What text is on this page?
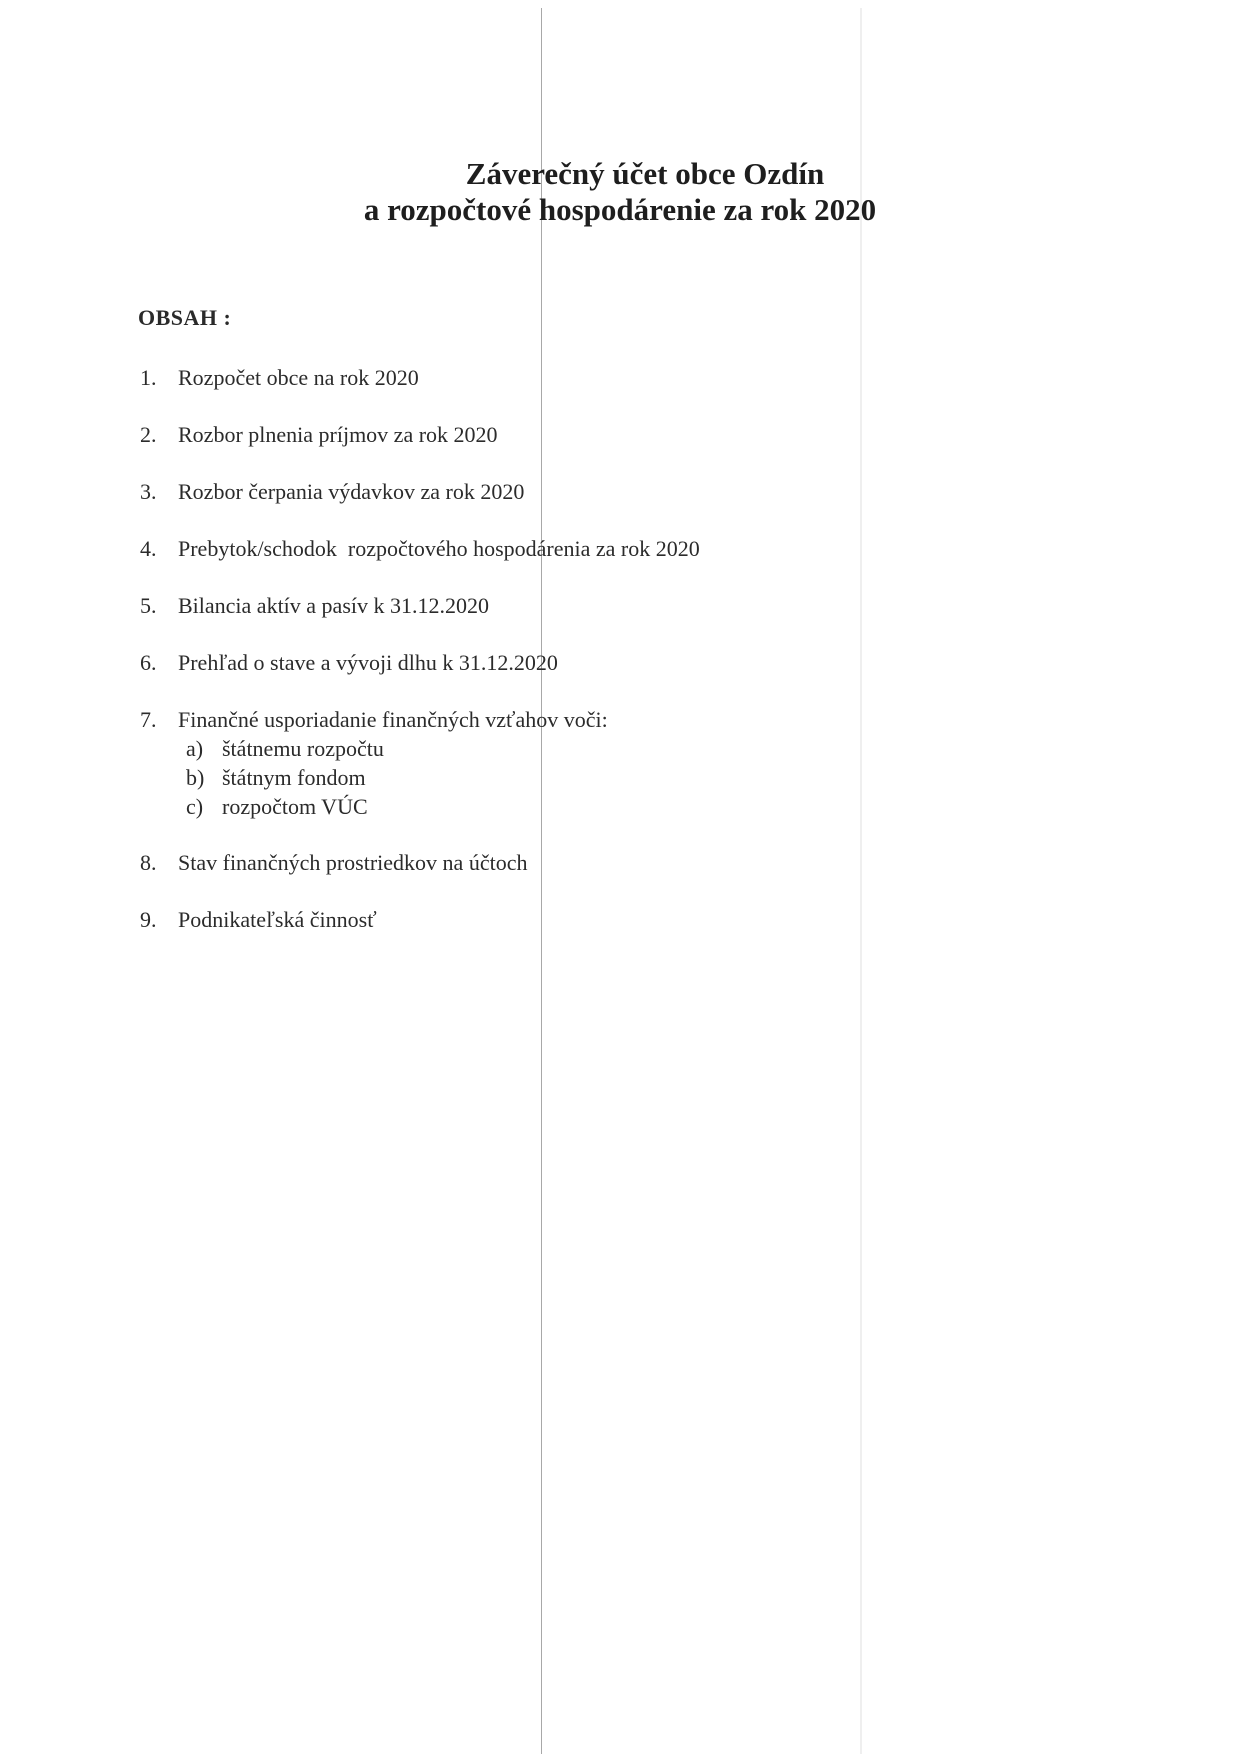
Záverečný účet obce Ozdín
a rozpočtové hospodárenie za rok 2020
OBSAH :
1. Rozpočet obce na rok 2020
2. Rozbor plnenia príjmov za rok 2020
3. Rozbor čerpania výdavkov za rok 2020
4. Prebytok/schodok  rozpočtového hospodárenia za rok 2020
5. Bilancia aktív a pasív k 31.12.2020
6. Prehľad o stave a vývoji dlhu k 31.12.2020
7. Finančné usporiadanie finančných vzťahov voči:
a) štátnemu rozpočtu
b) štátnym fondom
c) rozpočtom VÚC
8. Stav finančných prostriedkov na účtoch
9. Podnikateľská činnosť
